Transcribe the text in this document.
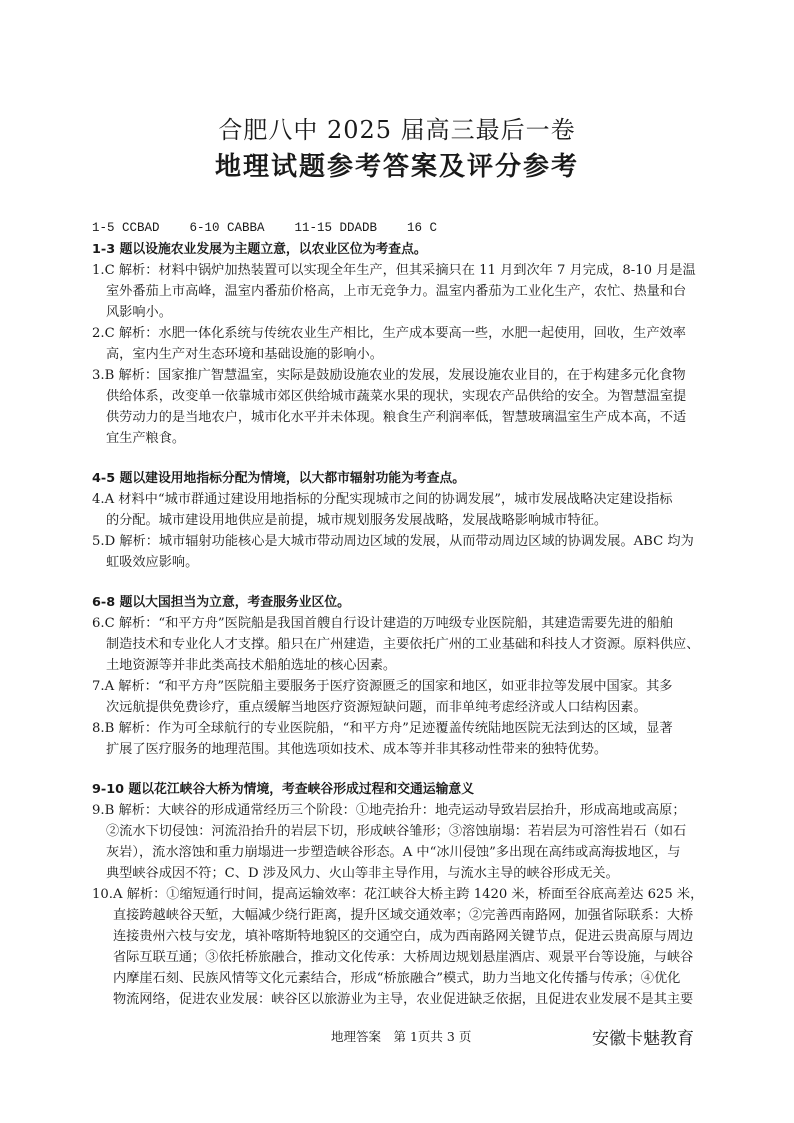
合肥八中 2025 届高三最后一卷
地理试题参考答案及评分参考
1-5 CCBAD    6-10 CABBA    11-15 DDADB    16 C
1-3 题以设施农业发展为主题立意，以农业区位为考查点。
1.C 解析：材料中锅炉加热装置可以实现全年生产，但其采摘只在 11 月到次年 7 月完成，8-10 月是温
室外番茄上市高峰，温室内番茄价格高，上市无竞争力。温室内番茄为工业化生产，农忙、热量和台
风影响小。
2.C 解析：水肥一体化系统与传统农业生产相比，生产成本要高一些，水肥一起使用，回收，生产效率
高，室内生产对生态环境和基础设施的影响小。
3.B 解析：国家推广智慧温室，实际是鼓励设施农业的发展，发展设施农业目的，在于构建多元化食物
供给体系，改变单一依靠城市郊区供给城市蔬菜水果的现状，实现农产品供给的安全。为智慧温室提
供劳动力的是当地农户，城市化水平并未体现。粮食生产利润率低，智慧玻璃温室生产成本高，不适
宜生产粮食。
4-5 题以建设用地指标分配为情境，以大都市辐射功能为考查点。
4.A 材料中“城市群通过建设用地指标的分配实现城市之间的协调发展”，城市发展战略决定建设指标
的分配。城市建设用地供应是前提，城市规划服务发展战略，发展战略影响城市特征。
5.D 解析：城市辐射功能核心是大城市带动周边区域的发展，从而带动周边区域的协调发展。ABC 均为
虹吸效应影响。
6-8 题以大国担当为立意，考查服务业区位。
6.C 解析：“和平方舟”医院船是我国首艘自行设计建造的万吨级专业医院船，其建造需要先进的船舶
制造技术和专业化人才支撑。船只在广州建造，主要依托广州的工业基础和科技人才资源。原料供应、
土地资源等并非此类高技术船舶选址的核心因素。
7.A 解析：“和平方舟”医院船主要服务于医疗资源匮乏的国家和地区，如亚非拉等发展中国家。其多
次远航提供免费诊疗，重点缓解当地医疗资源短缺问题，而非单纯考虑经济或人口结构因素。
8.B 解析：作为可全球航行的专业医院船，“和平方舟”足迹覆盖传统陆地医院无法到达的区域，显著
扩展了医疗服务的地理范围。其他选项如技术、成本等并非其移动性带来的独特优势。
9-10 题以花江峡谷大桥为情境，考查峡谷形成过程和交通运输意义
9.B 解析：大峡谷的形成通常经历三个阶段：①地壳抬升：地壳运动导致岩层抬升，形成高地或高原；
②流水下切侵蚀：河流沿抬升的岩层下切，形成峡谷雏形；③溶蚀崩塌：若岩层为可溶性岩石（如石
灰岩），流水溶蚀和重力崩塌进一步塑造峡谷形态。A 中“冰川侵蚀”多出现在高纬或高海拔地区，与
典型峡谷成因不符；C、D 涉及风力、火山等非主导作用，与流水主导的峡谷形成无关。
10.A 解析：①缩短通行时间，提高运输效率：花江峡谷大桥主跨 1420 米，桥面至谷底高差达 625 米，
直接跨越峡谷天堑，大幅减少绕行距离，提升区域交通效率；②完善西南路网，加强省际联系：大桥
连接贵州六枝与安龙，填补喀斯特地貌区的交通空白，成为西南路网关键节点，促进云贵高原与周边
省际互联互通；③依托桥旅融合，推动文化传承：大桥周边规划悬崖酒店、观景平台等设施，与峡谷
内摩崖石刻、民族风情等文化元素结合，形成“桥旅融合”模式，助力当地文化传播与传承；④优化
物流网络，促进农业发展：峡谷区以旅游业为主导，农业促进缺乏依据，且促进农业发展不是其主要
地理答案　第 1页共 3 页	安徽卡魅教育
